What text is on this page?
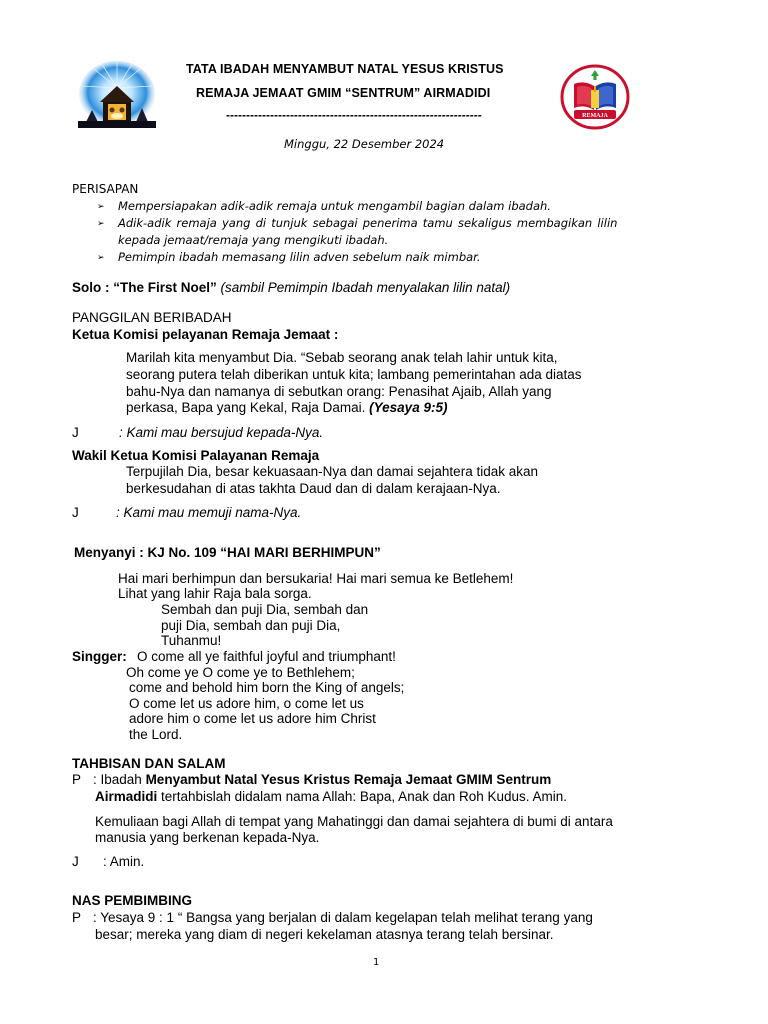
REMAJA
TATA IBADAH MENYAMBUT NATAL YESUS KRISTUS
REMAJA JEMAAT GMIM “SENTRUM” AIRMADIDI
----------------------------------------------------------------
Minggu, 22 Desember 2024
PERISAPAN
➢ Mempersiapakan adik-adik remaja untuk mengambil bagian dalam ibadah.
➢ Adik-adik remaja yang di tunjuk sebagai penerima tamu sekaligus membagikan lilin
kepada jemaat/remaja yang mengikuti ibadah.
➢ Pemimpin ibadah memasang lilin adven sebelum naik mimbar.
Solo : “The First Noel” (sambil Pemimpin Ibadah menyalakan lilin natal)
PANGGILAN BERIBADAH
Ketua Komisi pelayanan Remaja Jemaat :
Marilah kita menyambut Dia. “Sebab seorang anak telah lahir untuk kita,
seorang putera telah diberikan untuk kita; lambang pemerintahan ada diatas
bahu-Nya dan namanya di sebutkan orang: Penasihat Ajaib, Allah yang
perkasa, Bapa yang Kekal, Raja Damai. (Yesaya 9:5)
J	: Kami mau bersujud kepada-Nya.
Wakil Ketua Komisi Palayanan Remaja
Terpujilah Dia, besar kekuasaan-Nya dan damai sejahtera tidak akan
berkesudahan di atas takhta Daud dan di dalam kerajaan-Nya.
J	: Kami mau memuji nama-Nya.
Menyanyi : KJ No. 109 “HAI MARI BERHIMPUN”
Hai mari berhimpun dan bersukaria! Hai mari semua ke Betlehem!
Lihat yang lahir Raja bala sorga.
Sembah dan puji Dia, sembah dan
puji Dia, sembah dan puji Dia,
Tuhanmu!
Singger: O come all ye faithful joyful and triumphant!
Oh come ye O come ye to Bethlehem;
come and behold him born the King of angels;
O come let us adore him, o come let us
adore him o come let us adore him Christ
the Lord.
TAHBISAN DAN SALAM
P : Ibadah Menyambut Natal Yesus Kristus Remaja Jemaat GMIM Sentrum
Airmadidi tertahbislah didalam nama Allah: Bapa, Anak dan Roh Kudus. Amin.
Kemuliaan bagi Allah di tempat yang Mahatinggi dan damai sejahtera di bumi di antara
manusia yang berkenan kepada-Nya.
J : Amin.
NAS PEMBIMBING
P : Yesaya 9 : 1 “ Bangsa yang berjalan di dalam kegelapan telah melihat terang yang
besar; mereka yang diam di negeri kekelaman atasnya terang telah bersinar.
1
